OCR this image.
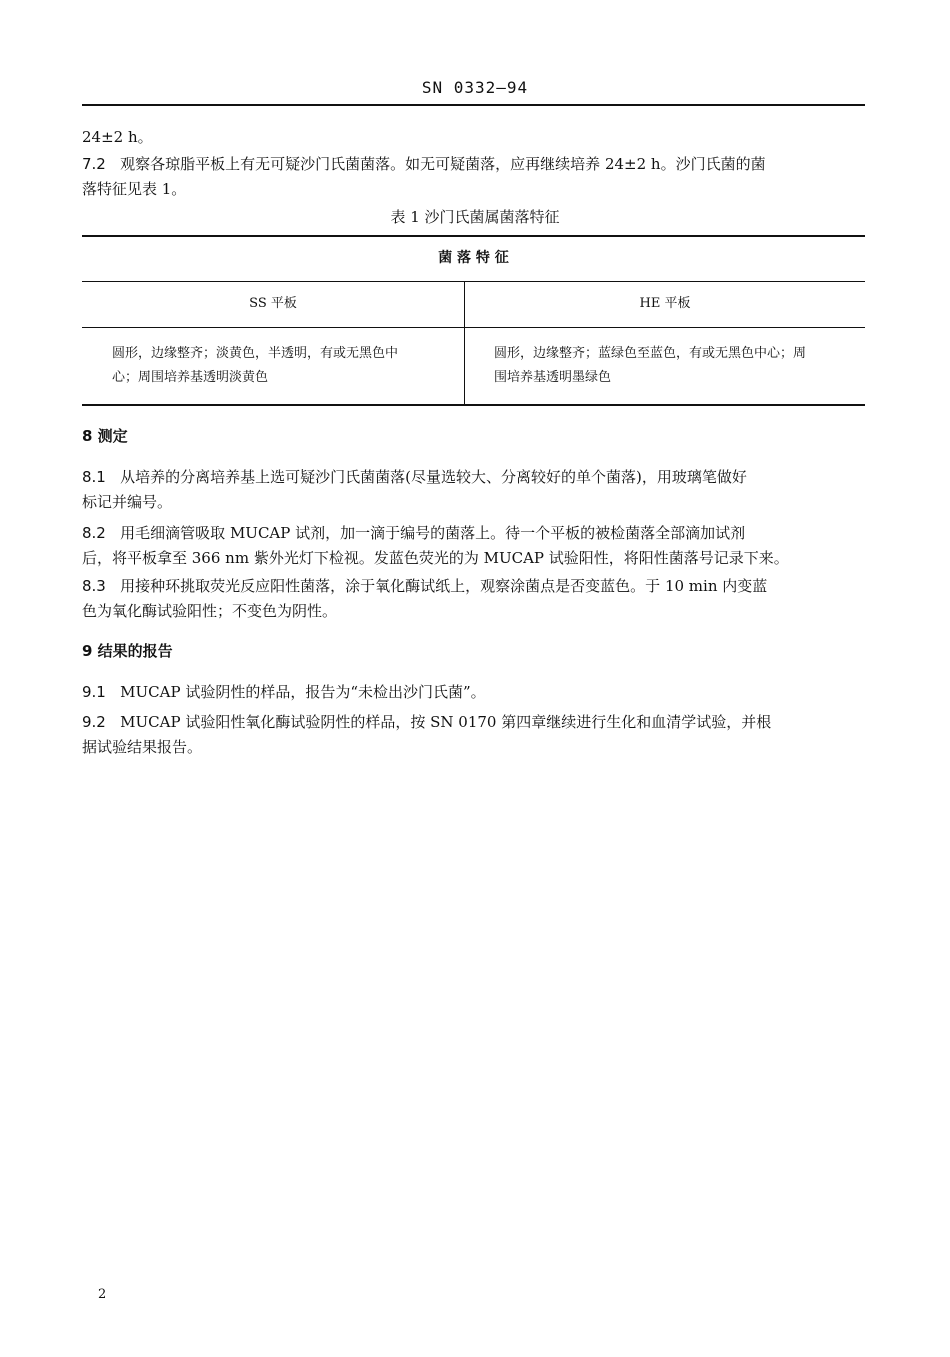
SN 0332—94
24±2 h。
7.2 观察各琼脂平板上有无可疑沙门氏菌菌落。如无可疑菌落，应再继续培养 24±2 h。沙门氏菌的菌
落特征见表 1。
表 1 沙门氏菌属菌落特征
菌 落 特 征
SS 平板	HE 平板
圆形，边缘整齐；淡黄色，半透明，有或无黑色中
心；周围培养基透明淡黄色
圆形，边缘整齐；蓝绿色至蓝色，有或无黑色中心；周
围培养基透明墨绿色
8 测定
8.1 从培养的分离培养基上选可疑沙门氏菌菌落(尽量选较大、分离较好的单个菌落)，用玻璃笔做好
标记并编号。
8.2 用毛细滴管吸取 MUCAP 试剂，加一滴于编号的菌落上。待一个平板的被检菌落全部滴加试剂
后，将平板拿至 366 nm 紫外光灯下检视。发蓝色荧光的为 MUCAP 试验阳性，将阳性菌落号记录下来。
8.3 用接种环挑取荧光反应阳性菌落，涂于氧化酶试纸上，观察涂菌点是否变蓝色。于 10 min 内变蓝
色为氧化酶试验阳性；不变色为阴性。
9 结果的报告
9.1 MUCAP 试验阴性的样品，报告为“未检出沙门氏菌”。
9.2 MUCAP 试验阳性氧化酶试验阴性的样品，按 SN 0170 第四章继续进行生化和血清学试验，并根
据试验结果报告。
2
